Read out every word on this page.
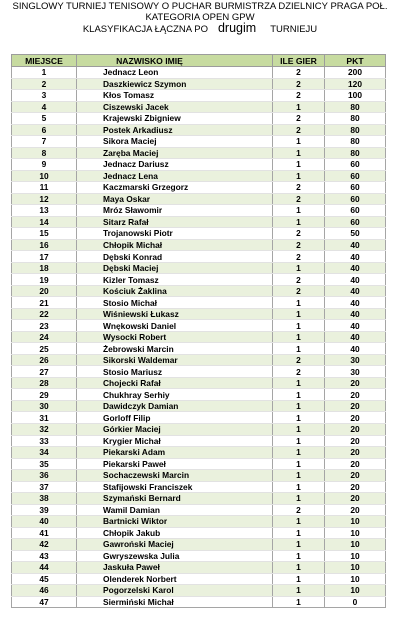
SINGLOWY TURNIEJ TENISOWY O PUCHAR BURMISTRZA DZIELNICY PRAGA POŁ.
KATEGORIA OPEN GPW
KLASYFIKACJA ŁĄCZNA PO drugim TURNIEJU
MIEJSCE	NAZWISKO IMIĘ	ILE GIER	PKT
1	Jednacz Leon	2	200
2	Daszkiewicz Szymon	2	120
3	Kłos Tomasz	2	100
4	Ciszewski Jacek	1	80
5	Krajewski Zbigniew	2	80
6	Postek Arkadiusz	2	80
7	Sikora Maciej	1	80
8	Zaręba Maciej	1	80
9	Jednacz Dariusz	1	60
10	Jednacz Lena	1	60
11	Kaczmarski Grzegorz	2	60
12	Maya Oskar	2	60
13	Mróz Sławomir	1	60
14	Sitarz Rafał	1	60
15	Trojanowski Piotr	2	50
16	Chłopik Michał	2	40
17	Dębski Konrad	2	40
18	Dębski Maciej	1	40
19	Kizler Tomasz	2	40
20	Kościuk Żaklina	2	40
21	Stosio Michał	1	40
22	Wiśniewski Łukasz	1	40
23	Wnękowski Daniel	1	40
24	Wysocki Robert	1	40
25	Żebrowski Marcin	1	40
26	Sikorski Waldemar	2	30
27	Stosio Mariusz	2	30
28	Chojecki Rafał	1	20
29	Chukhray Serhiy	1	20
30	Dawidczyk Damian	1	20
31	Gorloff Filip	1	20
32	Górkier Maciej	1	20
33	Krygier Michał	1	20
34	Piekarski Adam	1	20
35	Piekarski Paweł	1	20
36	Sochaczewski Marcin	1	20
37	Stafijowski Franciszek	1	20
38	Szymański Bernard	1	20
39	Wamil Damian	2	20
40	Bartnicki Wiktor	1	10
41	Chłopik Jakub	1	10
42	Gawroński Maciej	1	10
43	Gwryszewska Julia	1	10
44	Jaskuła Paweł	1	10
45	Olenderek Norbert	1	10
46	Pogorzelski Karol	1	10
47	Siermiński Michał	1	0
